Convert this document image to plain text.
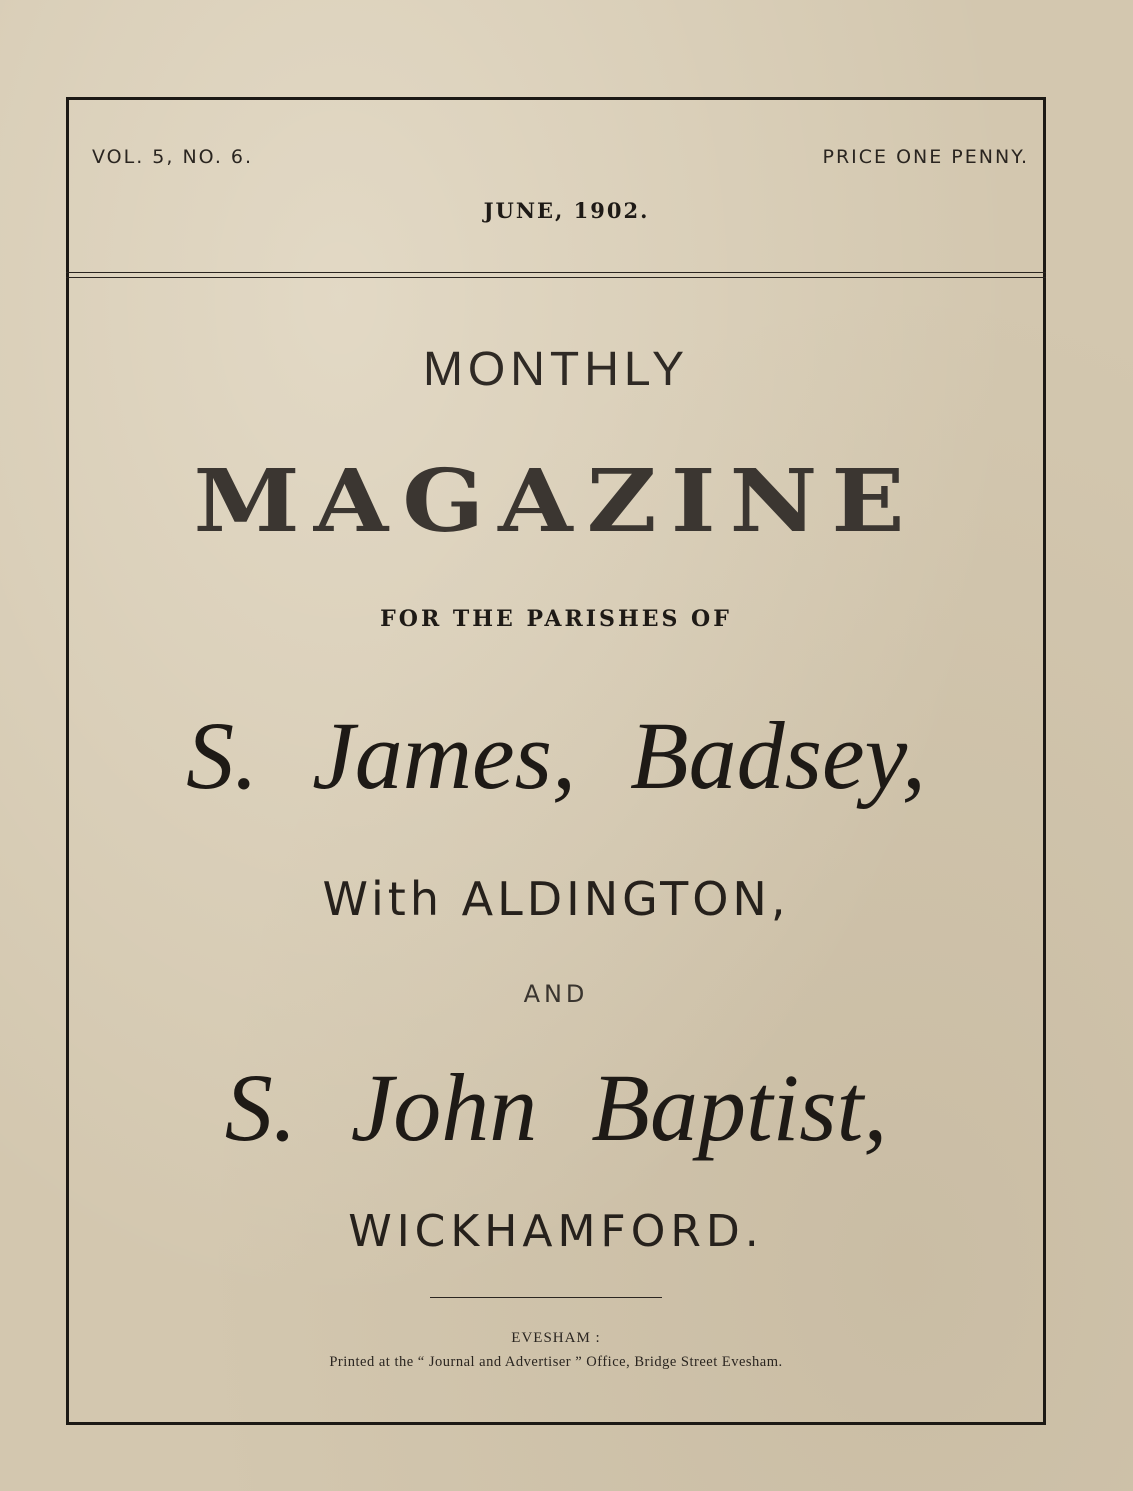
VOL. 5, NO. 6.	PRICE ONE PENNY.
JUNE, 1902.
MONTHLY
MAGAZINE
FOR THE PARISHES OF
S. James, Badsey,
With ALDINGTON,
AND
S. John Baptist,
WICKHAMFORD.
EVESHAM :
Printed at the “ Journal and Advertiser ” Office, Bridge Street Evesham.
